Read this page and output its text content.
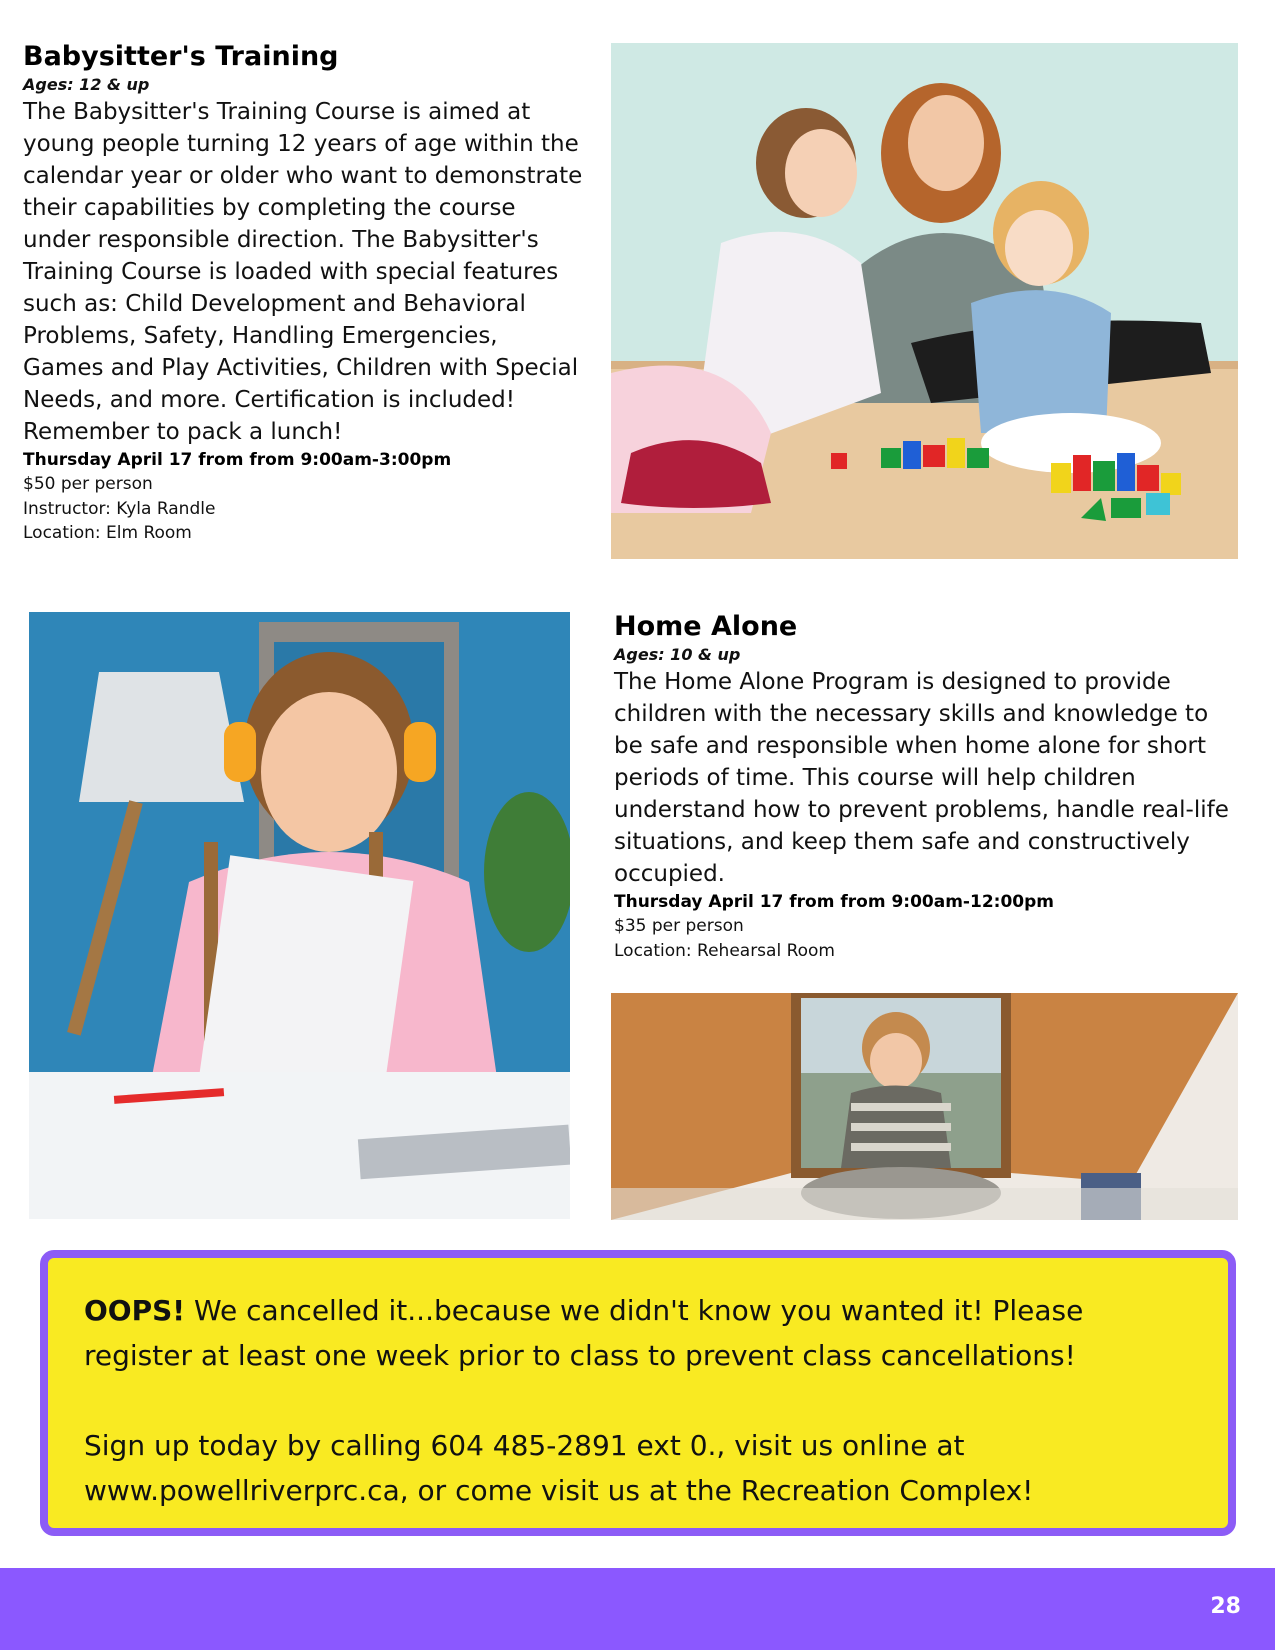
Babysitter's Training
Ages: 12 & up
The Babysitter's Training Course is aimed at young people turning 12 years of age within the calendar year or older who want to demonstrate their capabilities by completing the course under responsible direction. The Babysitter's Training Course is loaded with special features such as: Child Development and Behavioral Problems, Safety, Handling Emergencies, Games and Play Activities, Children with Special Needs, and more. Certification is included! Remember to pack a lunch!
Thursday April 17 from from 9:00am-3:00pm
$50 per person
Instructor: Kyla Randle
Location: Elm Room
Home Alone
Ages: 10 & up
The Home Alone Program is designed to provide children with the necessary skills and knowledge to be safe and responsible when home alone for short periods of time. This course will help children understand how to prevent problems, handle real-life situations, and keep them safe and constructively occupied.
Thursday April 17 from from 9:00am-12:00pm
$35 per person
Location: Rehearsal Room

OOPS! We cancelled it...because we didn't know you wanted it! Please register at least one week prior to class to prevent class cancellations!

Sign up today by calling 604 485-2891 ext 0., visit us online at www.powellriverprc.ca, or come visit us at the Recreation Complex!

28
